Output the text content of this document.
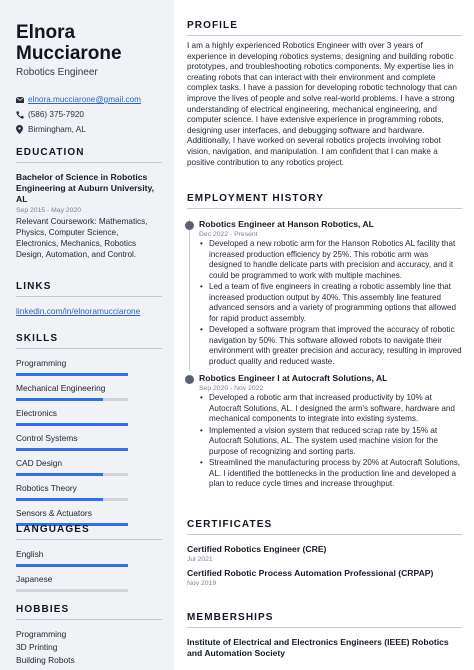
Elnora
Mucciarone
Robotics Engineer
elnora.mucciarone@gmail.com
(586) 375-7920
Birmingham, AL
EDUCATION
Bachelor of Science in Robotics Engineering at Auburn University, AL
Sep 2015 - May 2020
Relevant Coursework: Mathematics, Physics, Computer Science, Electronics, Mechanics, Robotics Design, Automation, and Control.
LINKS
linkedin.com/in/elnoramucciarone
SKILLS
Programming
Mechanical Engineering
Electronics
Control Systems
CAD Design
Robotics Theory
Sensors & Actuators
LANGUAGES
English
Japanese
HOBBIES
Programming
3D Printing
Building Robots
PROFILE
I am a highly experienced Robotics Engineer with over 3 years of experience in developing robotics systems, designing and building robotic prototypes, and troubleshooting robotics components. My expertise lies in creating robots that can interact with their environment and complete complex tasks. I have a passion for developing robotic technology that can improve the lives of people and solve real-world problems. I have a strong understanding of electrical engineering, mechanical engineering, and computer science. I have extensive experience in programming robots, designing user interfaces, and debugging software and hardware. Additionally, I have worked on several robotics projects involving robot vision, navigation, and manipulation. I am confident that I can make a positive contribution to any robotics project.
EMPLOYMENT HISTORY
Robotics Engineer at Hanson Robotics, AL
Dec 2022 - Present
• Developed a new robotic arm for the Hanson Robotics AL facility that increased production efficiency by 25%. This robotic arm was designed to handle delicate parts with precision and accuracy, and it could be programmed to work with multiple machines.
• Led a team of five engineers in creating a robotic assembly line that increased production output by 40%. This assembly line featured advanced sensors and a variety of programming options that allowed for rapid product assembly.
• Developed a software program that improved the accuracy of robotic navigation by 50%. This software allowed robots to navigate their environment with greater precision and accuracy, resulting in improved product quality and reduced waste.
Robotics Engineer I at Autocraft Solutions, AL
Sep 2020 - Nov 2022
• Developed a robotic arm that increased productivity by 10% at Autocraft Solutions, AL. I designed the arm's software, hardware and mechanical components to integrate into existing systems.
• Implemented a vision system that reduced scrap rate by 15% at Autocraft Solutions, AL. The system used machine vision for the purpose of recognizing and sorting parts.
• Streamlined the manufacturing process by 20% at Autocraft Solutions, AL. I identified the bottlenecks in the production line and developed a plan to reduce cycle times and increase throughput.
CERTIFICATES
Certified Robotics Engineer (CRE)
Jul 2021
Certified Robotic Process Automation Professional (CRPAP)
Nov 2019
MEMBERSHIPS
Institute of Electrical and Electronics Engineers (IEEE) Robotics and Automation Society
